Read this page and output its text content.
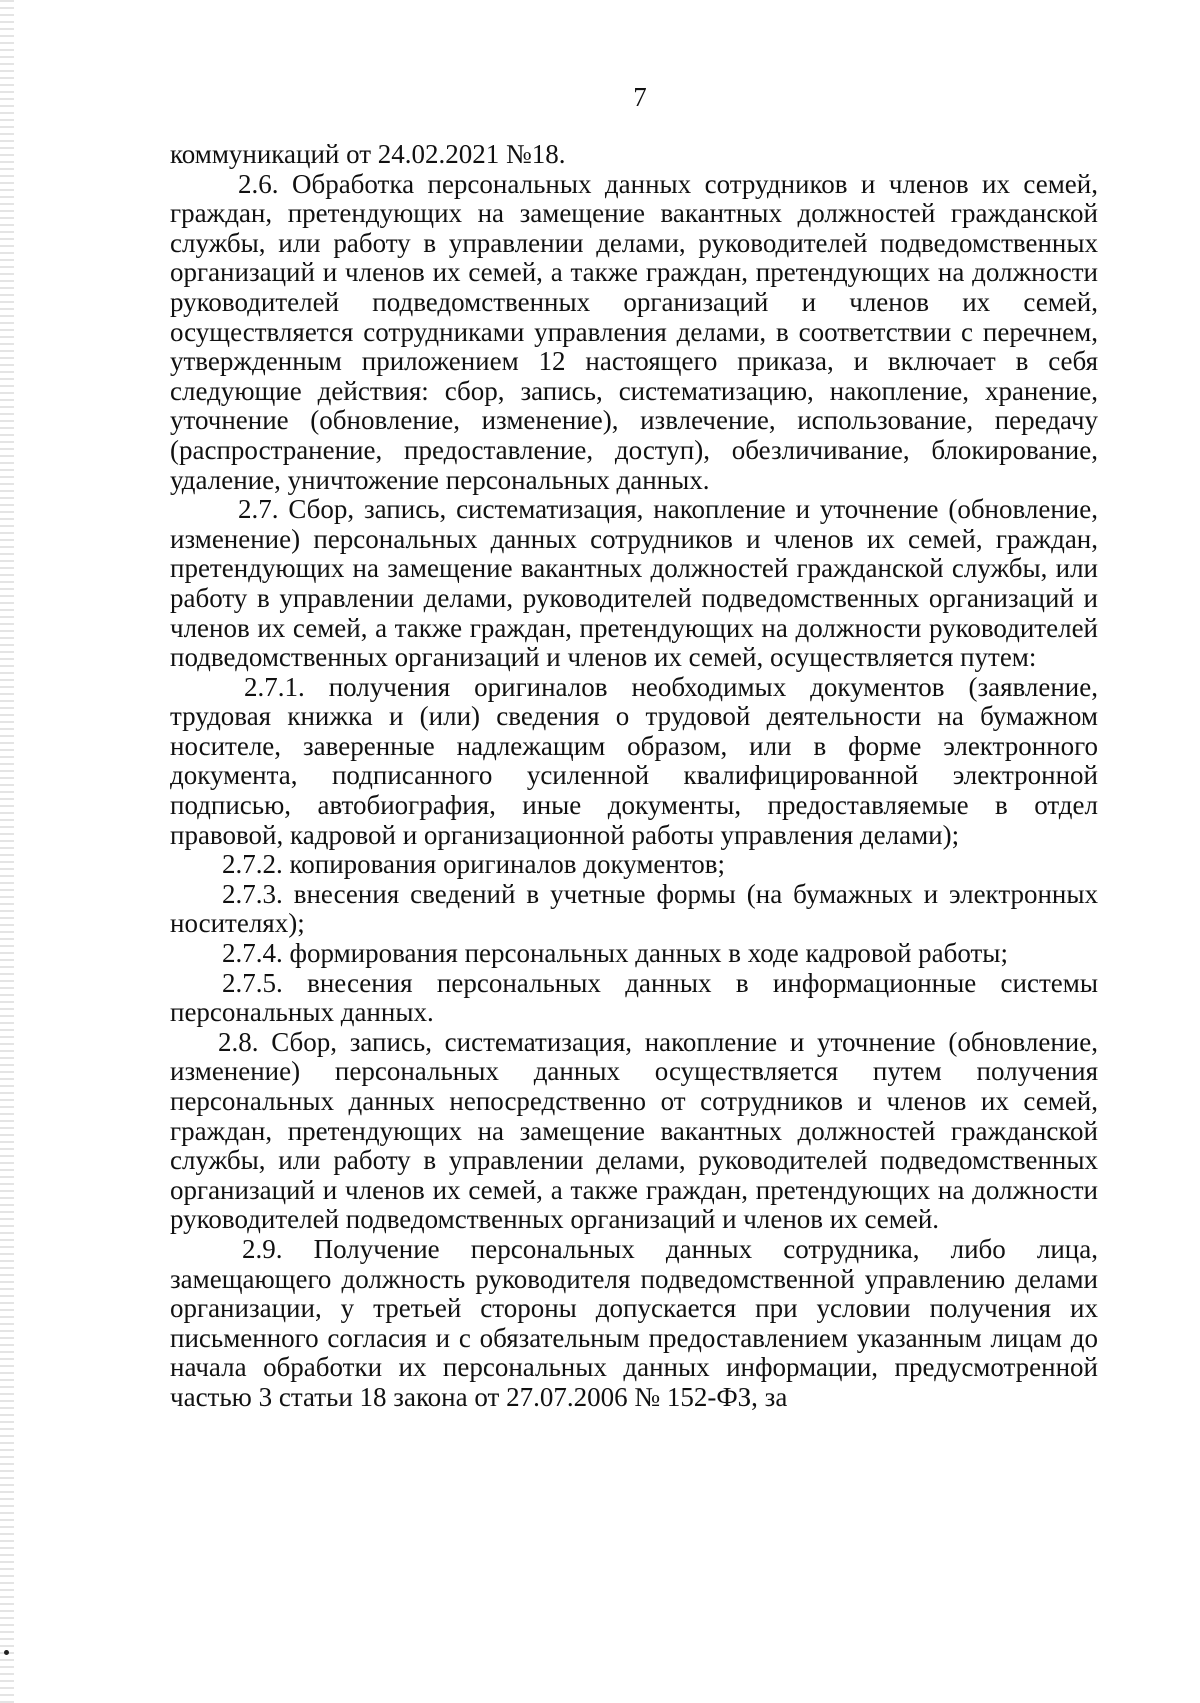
7

коммуникаций от 24.02.2021 №18.

2.6. Обработка персональных данных сотрудников и членов их семей, граждан, претендующих на замещение вакантных должностей гражданской службы, или работу в управлении делами, руководителей подведомственных организаций и членов их семей, а также граждан, претендующих на должности руководителей подведомственных организаций и членов их семей, осуществляется сотрудниками управления делами, в соответствии с перечнем, утвержденным приложением 12 настоящего приказа, и включает в себя следующие действия: сбор, запись, систематизацию, накопление, хранение, уточнение (обновление, изменение), извлечение, использование, передачу (распространение, предоставление, доступ), обезличивание, блокирование, удаление, уничтожение персональных данных.

2.7. Сбор, запись, систематизация, накопление и уточнение (обновление, изменение) персональных данных сотрудников и членов их семей, граждан, претендующих на замещение вакантных должностей гражданской службы, или работу в управлении делами, руководителей подведомственных организаций и членов их семей, а также граждан, претендующих на должности руководителей подведомственных организаций и членов их семей, осуществляется путем:

2.7.1. получения оригиналов необходимых документов (заявление, трудовая книжка и (или) сведения о трудовой деятельности на бумажном носителе, заверенные надлежащим образом, или в форме электронного документа, подписанного усиленной квалифицированной электронной подписью, автобиография, иные документы, предоставляемые в отдел правовой, кадровой и организационной работы управления делами);

2.7.2. копирования оригиналов документов;

2.7.3. внесения сведений в учетные формы (на бумажных и электронных носителях);

2.7.4. формирования персональных данных в ходе кадровой работы;

2.7.5. внесения персональных данных в информационные системы персональных данных.

2.8. Сбор, запись, систематизация, накопление и уточнение (обновление, изменение) персональных данных осуществляется путем получения персональных данных непосредственно от сотрудников и членов их семей, граждан, претендующих на замещение вакантных должностей гражданской службы, или работу в управлении делами, руководителей подведомственных организаций и членов их семей, а также граждан, претендующих на должности руководителей подведомственных организаций и членов их семей.

2.9. Получение персональных данных сотрудника, либо лица, замещающего должность руководителя подведомственной управлению делами организации, у третьей стороны допускается при условии получения их письменного согласия и с обязательным предоставлением указанным лицам до начала обработки их персональных данных информации, предусмотренной частью 3 статьи 18 закона от 27.07.2006 № 152-ФЗ, за
